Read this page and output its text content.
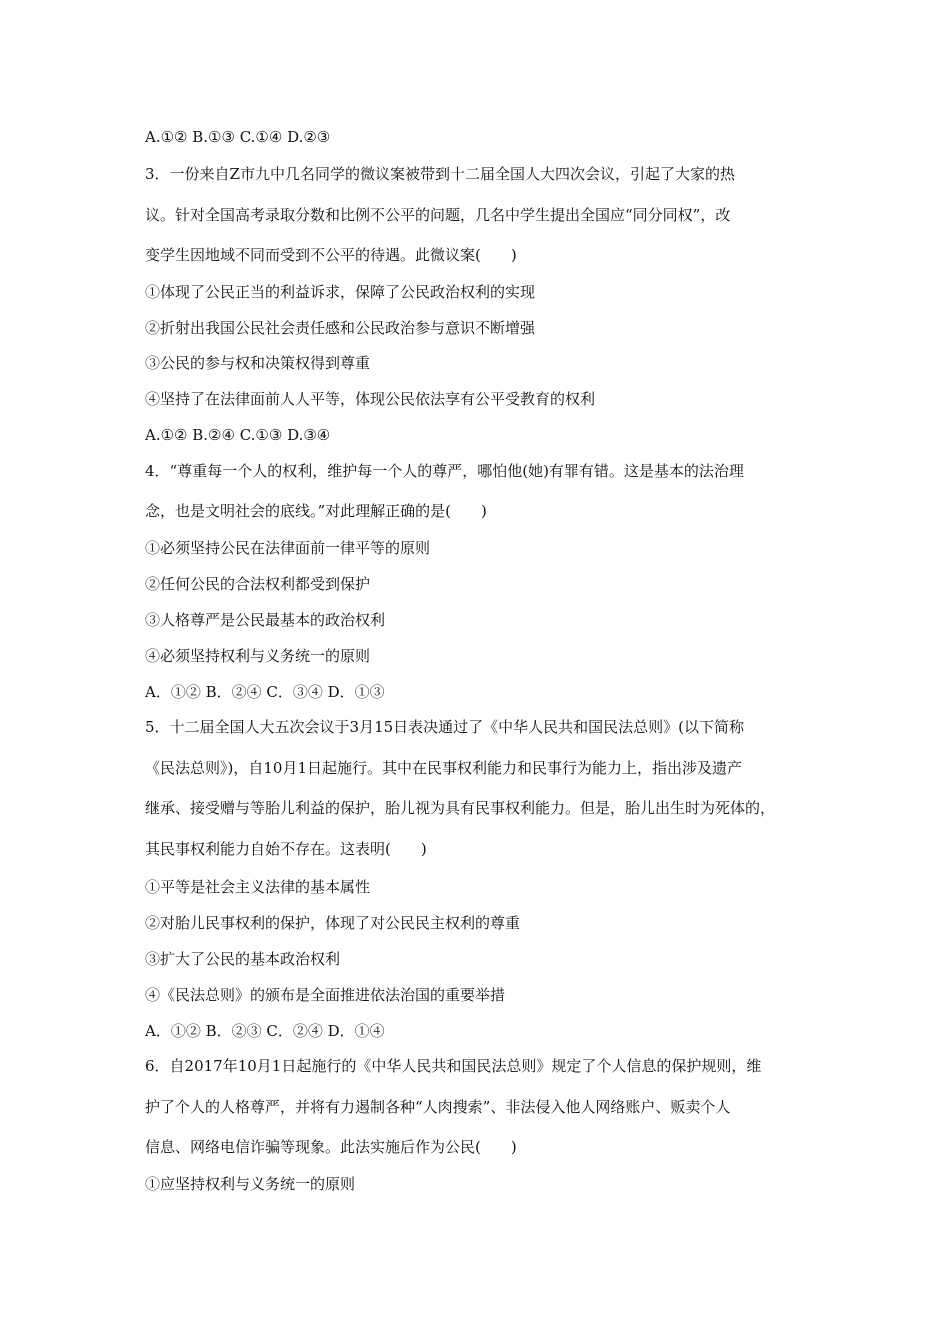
A.①② B.①③ C.①④ D.②③
3．一份来自Z市九中几名同学的微议案被带到十二届全国人大四次会议，引起了大家的热
议。针对全国高考录取分数和比例不公平的问题，几名中学生提出全国应“同分同权”，改
变学生因地域不同而受到不公平的待遇。此微议案(　　)
①体现了公民正当的利益诉求，保障了公民政治权利的实现
②折射出我国公民社会责任感和公民政治参与意识不断增强
③公民的参与权和决策权得到尊重
④坚持了在法律面前人人平等，体现公民依法享有公平受教育的权利
A.①② B.②④ C.①③ D.③④
4．“尊重每一个人的权利，维护每一个人的尊严，哪怕他(她)有罪有错。这是基本的法治理
念，也是文明社会的底线。”对此理解正确的是(　　)
①必须坚持公民在法律面前一律平等的原则
②任何公民的合法权利都受到保护
③人格尊严是公民最基本的政治权利
④必须坚持权利与义务统一的原则
A．①② B．②④ C．③④ D．①③
5．十二届全国人大五次会议于3月15日表决通过了《中华人民共和国民法总则》(以下简称
《民法总则》)，自10月1日起施行。其中在民事权利能力和民事行为能力上，指出涉及遗产
继承、接受赠与等胎儿利益的保护，胎儿视为具有民事权利能力。但是，胎儿出生时为死体的，
其民事权利能力自始不存在。这表明(　　)
①平等是社会主义法律的基本属性
②对胎儿民事权利的保护，体现了对公民民主权利的尊重
③扩大了公民的基本政治权利
④《民法总则》的颁布是全面推进依法治国的重要举措
A．①② B．②③ C．②④ D．①④
6．自2017年10月1日起施行的《中华人民共和国民法总则》规定了个人信息的保护规则，维
护了个人的人格尊严，并将有力遏制各种“人肉搜索”、非法侵入他人网络账户、贩卖个人
信息、网络电信诈骗等现象。此法实施后作为公民(　　)
①应坚持权利与义务统一的原则
